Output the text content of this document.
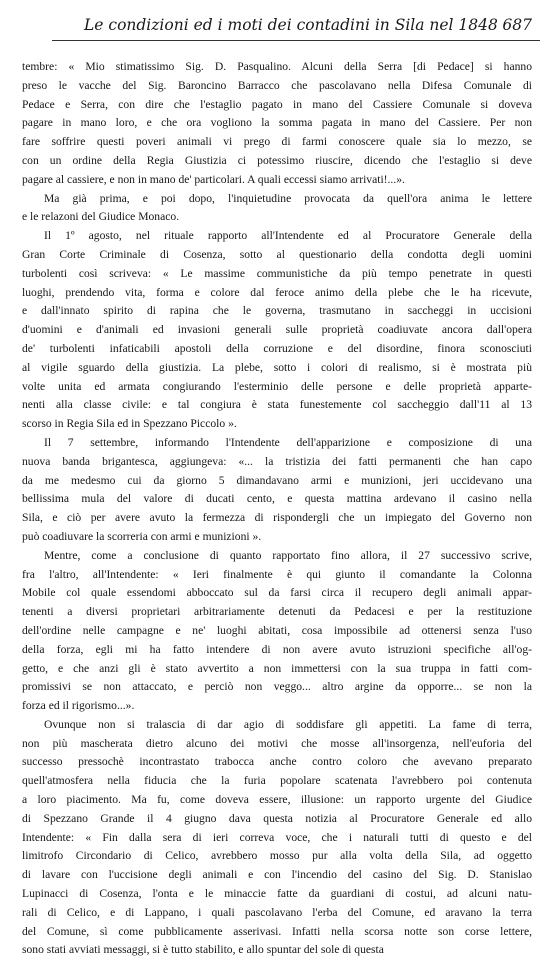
Le condizioni ed i moti dei contadini in Sila nel 1848 687
tembre: « Mio stimatissimo Sig. D. Pasqualino. Alcuni della Serra [di Pedace] si hanno
preso le vacche del Sig. Baroncino Barracco che pascolavano nella Difesa Comunale di
Pedace e Serra, con dire che l'estaglio pagato in mano del Cassiere Comunale si doveva
pagare in mano loro, e che ora vogliono la somma pagata in mano del Cassiere. Per non
fare soffrire questi poveri animali vi prego di farmi conoscere quale sia lo mezzo, se
con un ordine della Regia Giustizia ci potessimo riuscire, dicendo che l'estaglio si deve
pagare al cassiere, e non in mano de' particolari. A quali eccessi siamo arrivati!...».
Ma già prima, e poi dopo, l'inquietudine provocata da quell'ora anima le lettere
e le relazoni del Giudice Monaco.
Il 1º agosto, nel rituale rapporto all'Intendente ed al Procuratore Generale della
Gran Corte Criminale di Cosenza, sotto al questionario della condotta degli uomini
turbolenti così scriveva: « Le massime communistiche da più tempo penetrate in questi
luoghi, prendendo vita, forma e colore dal feroce animo della plebe che le ha ricevute,
e dall'innato spirito di rapina che le governa, trasmutano in saccheggi in uccisioni
d'uomini e d'animali ed invasioni generali sulle proprietà coadiuvate ancora dall'opera
de' turbolenti infaticabili apostoli della corruzione e del disordine, finora sconosciuti
al vigile sguardo della giustizia. La plebe, sotto i colori di realismo, si è mostrata più
volte unita ed armata congiurando l'esterminio delle persone e delle proprietà apparte-
nenti alla classe civile: e tal congiura è stata funestemente col saccheggio dall'11 al 13
scorso in Regia Sila ed in Spezzano Piccolo ».
Il 7 settembre, informando l'Intendente dell'apparizione e composizione di una
nuova banda brigantesca, aggiungeva: «... la tristizia dei fatti permanenti che han capo
da me medesmo cui da giorno 5 dimandavano armi e munizioni, jeri uccidevano una
bellissima mula del valore di ducati cento, e questa mattina ardevano il casino nella
Sila, e ciò per avere avuto la fermezza di rispondergli che un impiegato del Governo non
può coadiuvare la scorreria con armi e munizioni ».
Mentre, come a conclusione di quanto rapportato fino allora, il 27 successivo scrive,
fra l'altro, all'Intendente: « Ieri finalmente è qui giunto il comandante la Colonna
Mobile col quale essendomi abboccato sul da farsi circa il recupero degli animali appar-
tenenti a diversi proprietari arbitrariamente detenuti da Pedacesi e per la restituzione
dell'ordine nelle campagne e ne' luoghi abitati, cosa impossibile ad ottenersi senza l'uso
della forza, egli mi ha fatto intendere di non avere avuto istruzioni specifiche all'og-
getto, e che anzi gli è stato avvertito a non immettersi con la sua truppa in fatti com-
promissivi se non attaccato, e perciò non veggo... altro argine da opporre... se non la
forza ed il rigorismo...».
Ovunque non si tralascia di dar agio di soddisfare gli appetiti. La fame di terra,
non più mascherata dietro alcuno dei motivi che mosse all'insorgenza, nell'euforia del
successo pressochè incontrastato trabocca anche contro coloro che avevano preparato
quell'atmosfera nella fiducia che la furia popolare scatenata l'avrebbero poi contenuta
a loro piacimento. Ma fu, come doveva essere, illusione: un rapporto urgente del Giudice
di Spezzano Grande il 4 giugno dava questa notizia al Procuratore Generale ed allo
Intendente: « Fin dalla sera di ieri correva voce, che i naturali tutti di questo e del
limitrofo Circondario di Celico, avrebbero mosso pur alla volta della Sila, ad oggetto
di lavare con l'uccisione degli animali e con l'incendio del casino del Sig. D. Stanislao
Lupinacci di Cosenza, l'onta e le minaccie fatte da guardiani di costui, ad alcuni natu-
rali di Celico, e di Lappano, i quali pascolavano l'erba del Comune, ed aravano la terra
del Comune, sì come pubblicamente asserivasi. Infatti nella scorsa notte son corse lettere,
sono stati avviati messaggi, si è tutto stabilito, e allo spuntar del sole di questa
